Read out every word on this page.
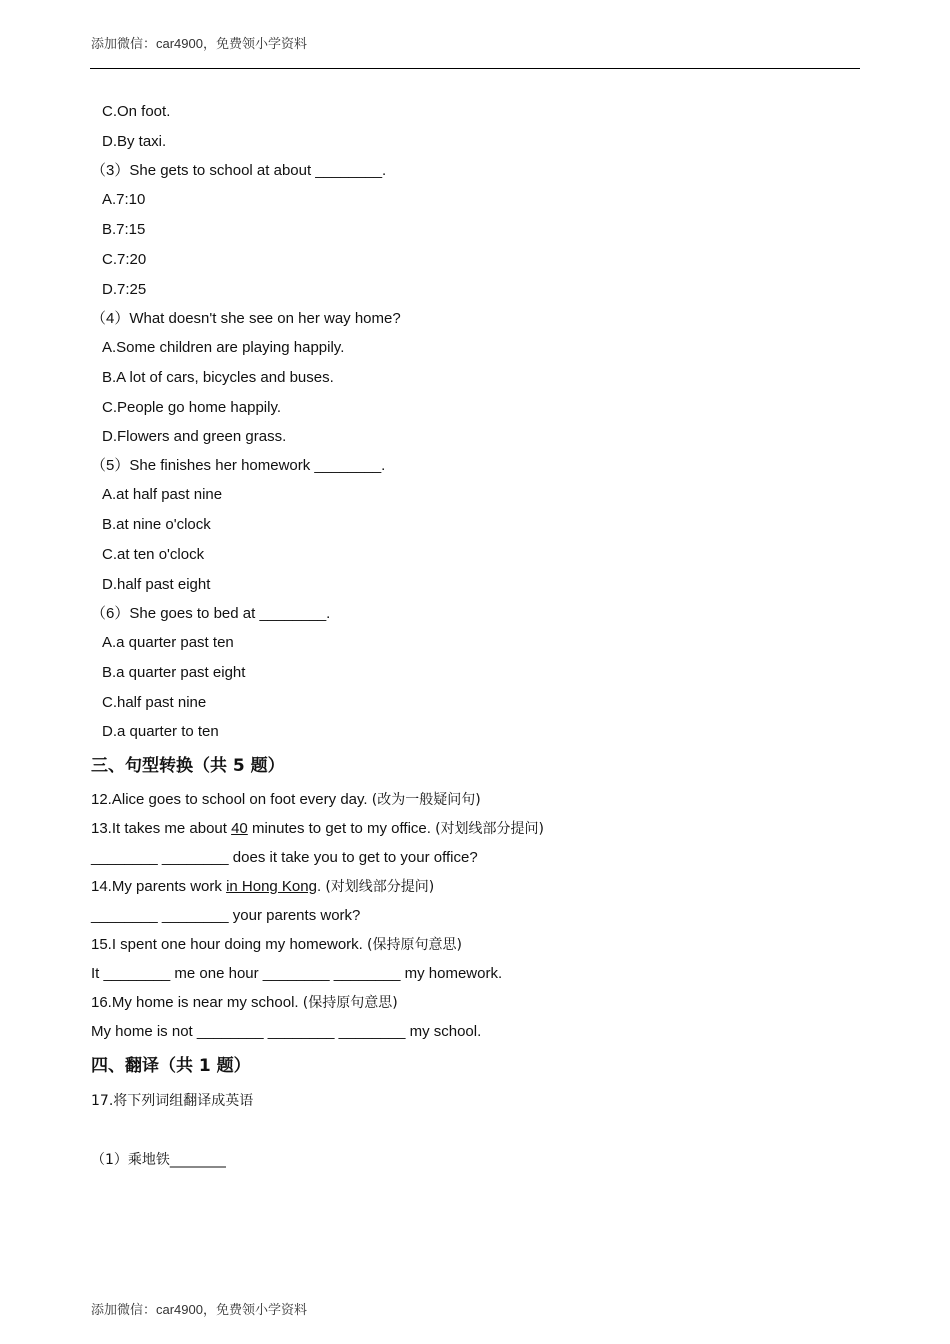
添加微信：car4900，免费领小学资料
C.On foot.
D.By taxi.
（3）She gets to school at about ________.
A.7:10
B.7:15
C.7:20
D.7:25
（4）What doesn't she see on her way home?
A.Some children are playing happily.
B.A lot of cars, bicycles and buses.
C.People go home happily.
D.Flowers and green grass.
（5）She finishes her homework ________.
A.at half past nine
B.at nine o'clock
C.at ten o'clock
D.half past eight
（6）She goes to bed at ________.
A.a quarter past ten
B.a quarter past eight
C.half past nine
D.a quarter to ten
三、句型转换（共 5 题）
12.Alice goes to school on foot every day. (改为一般疑问句)
13.It takes me about 40 minutes to get to my office. (对划线部分提问)
________ ________ does it take you to get to your office?
14.My parents work in Hong Kong. (对划线部分提问)
________ ________ your parents work?
15.I spent one hour doing my homework. (保持原句意思)
It ________ me one hour ________ ________ my homework.
16.My home is near my school. (保持原句意思)
My home is not ________ ________ ________ my school.
四、翻译（共 1 题）
17.将下列词组翻译成英语
（1）乘地铁________
添加微信：car4900，免费领小学资料
